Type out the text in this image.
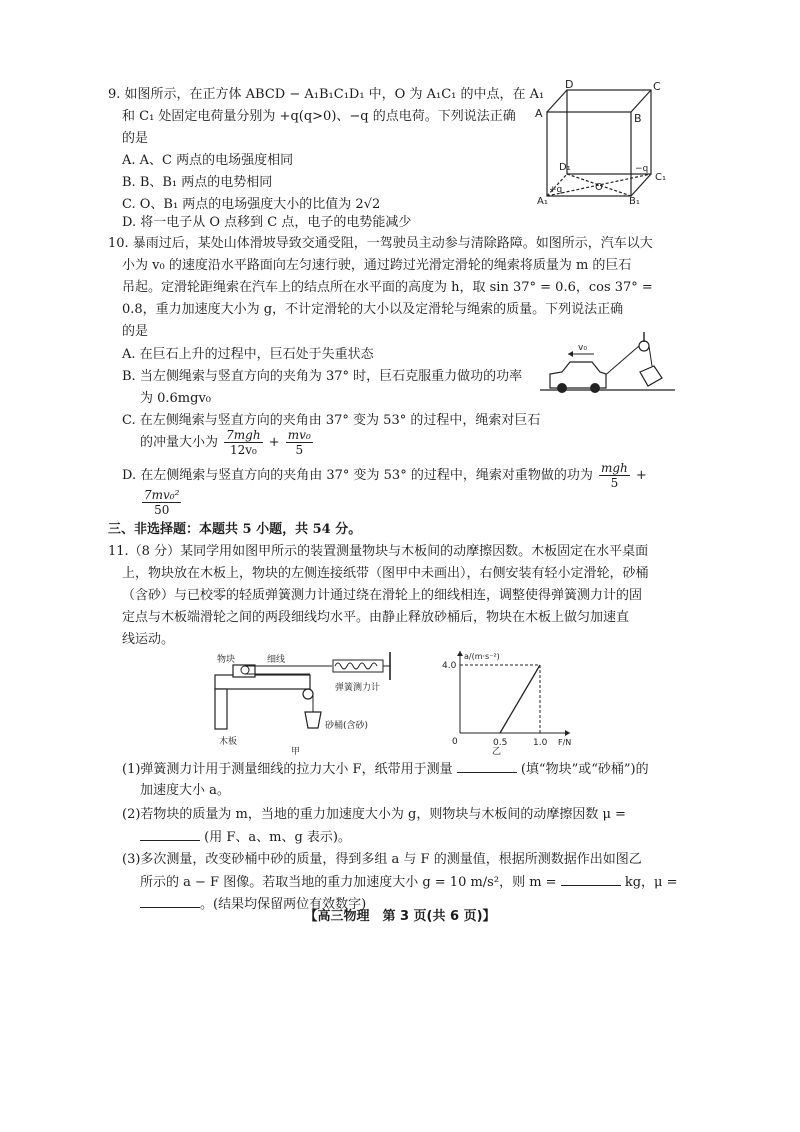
9. 如图所示，在正方体 ABCD − A₁B₁C₁D₁ 中，O 为 A₁C₁ 的中点，在 A₁
和 C₁ 处固定电荷量分别为 +q(q>0)、−q 的点电荷。下列说法正确
的是
A. A、C 两点的电场强度相同
B. B、B₁ 两点的电势相同
C. O、B₁ 两点的电场强度大小的比值为 2√2
D. 将一电子从 O 点移到 C 点，电子的电势能减少
D	C
A	B
D₁
C₁
A₁	B₁
O
+q
−q
10. 暴雨过后，某处山体滑坡导致交通受阻，一驾驶员主动参与清除路障。如图所示，汽车以大
小为 v₀ 的速度沿水平路面向左匀速行驶，通过跨过光滑定滑轮的绳索将质量为 m 的巨石
吊起。定滑轮距绳索在汽车上的结点所在水平面的高度为 h，取 sin 37° = 0.6，cos 37° =
0.8，重力加速度大小为 g，不计定滑轮的大小以及定滑轮与绳索的质量。下列说法正确
的是
A. 在巨石上升的过程中，巨石处于失重状态
B. 当左侧绳索与竖直方向的夹角为 37° 时，巨石克服重力做功的功率
为 0.6mgv₀
C. 在左侧绳索与竖直方向的夹角由 37° 变为 53° 的过程中，绳索对巨石
的冲量大小为 $\frac{\text{7mgh}}{\text{12v₀}} + \frac{\text{mv₀}}{5}$
D. 在左侧绳索与竖直方向的夹角由 37° 变为 53° 的过程中，绳索对重物做的功为 $\frac{\text{mgh}}{5}$ +
$\frac{\text{7mv₀²}}{50}$
v₀
三、非选择题：本题共 5 小题，共 54 分。
11.（8 分）某同学用如图甲所示的装置测量物块与木板间的动摩擦因数。木板固定在水平桌面
上，物块放在木板上，物块的左侧连接纸带（图甲中未画出），右侧安装有轻小定滑轮，砂桶
（含砂）与已校零的轻质弹簧测力计通过绕在滑轮上的细线相连，调整使得弹簧测力计的固
定点与木板端滑轮之间的两段细线均水平。由静止释放砂桶后，物块在木板上做匀加速直
线运动。
物块	细线
弹簧测力计
木板
砂桶(含砂)
甲
a/(m·s⁻²)
4.0
0	0.5	1.0 F/N
乙
(1)弹簧测力计用于测量细线的拉力大小 F，纸带用于测量	(填“物块”或“砂桶”)的
加速度大小 a。
(2)若物块的质量为 m，当地的重力加速度大小为 g，则物块与木板间的动摩擦因数 μ =
(用 F、a、m、g 表示)。
(3)多次测量，改变砂桶中砂的质量，得到多组 a 与 F 的测量值，根据所测数据作出如图乙
所示的 a − F 图像。若取当地的重力加速度大小 g = 10 m/s²，则 m =	kg，μ =
。(结果均保留两位有效数字)
【高三物理　第 3 页(共 6 页)】
